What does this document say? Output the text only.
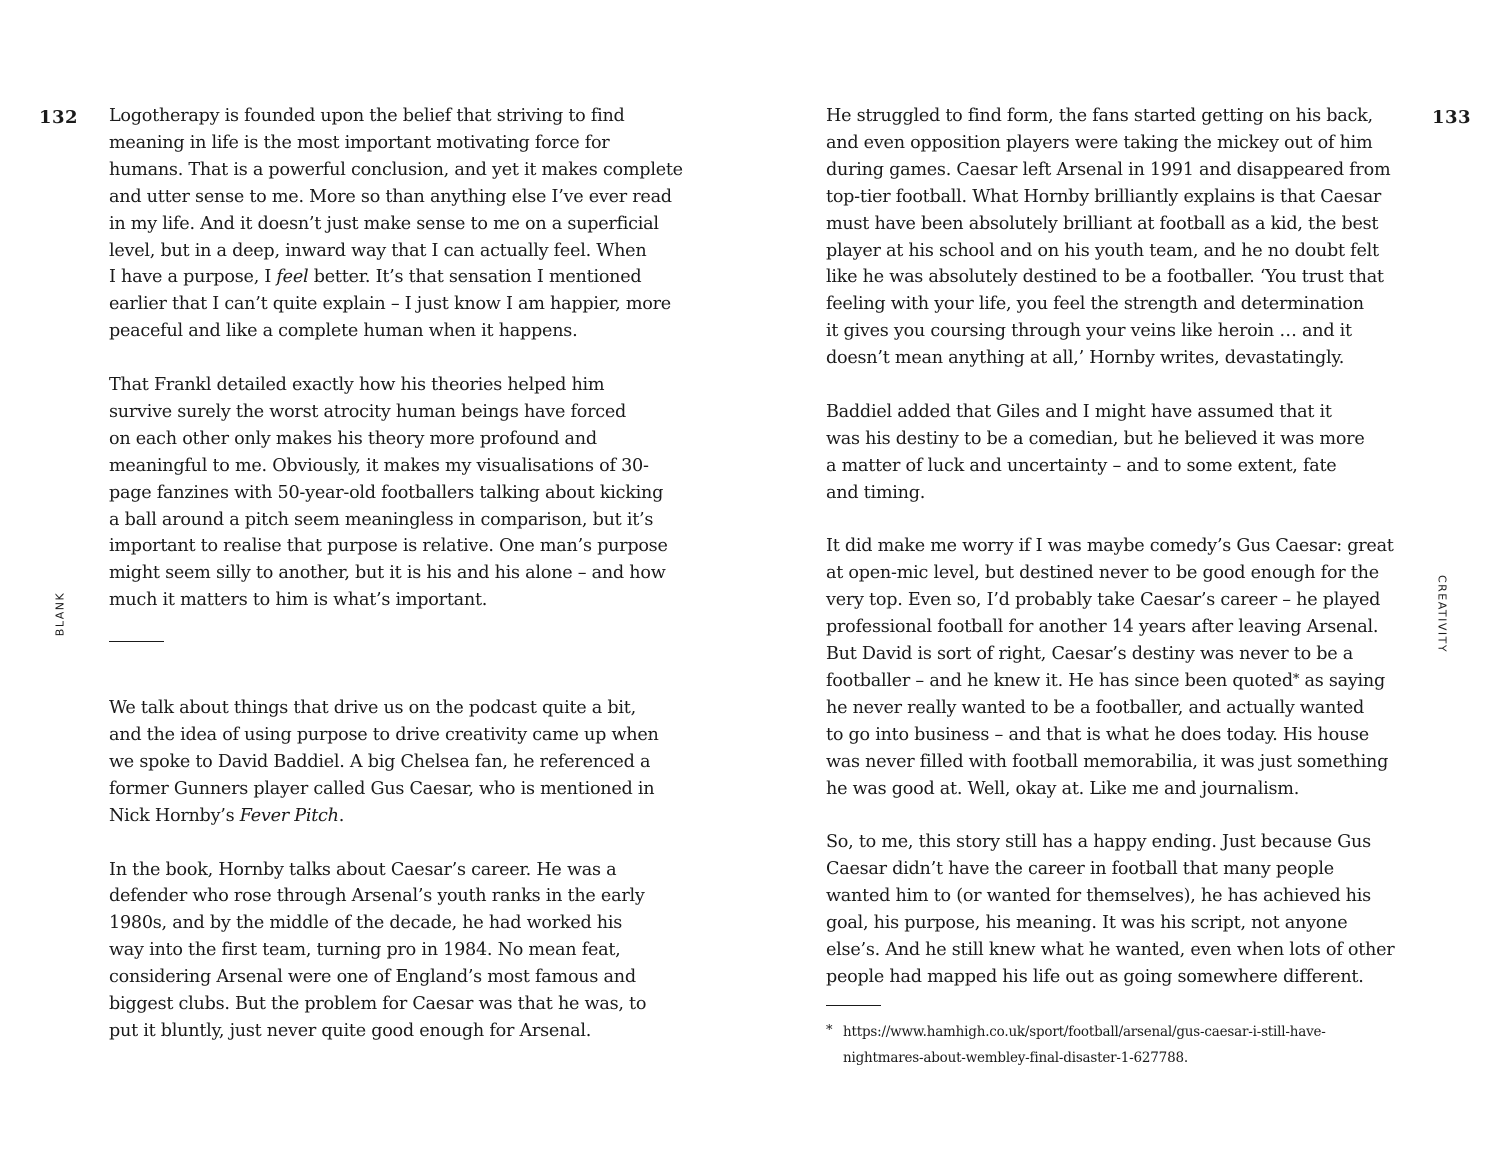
132
BLANK

Logotherapy is founded upon the belief that striving to find
meaning in life is the most important motivating force for
humans. That is a powerful conclusion, and yet it makes complete
and utter sense to me. More so than anything else I’ve ever read
in my life. And it doesn’t just make sense to me on a superficial
level, but in a deep, inward way that I can actually feel. When
I have a purpose, I feel better. It’s that sensation I mentioned
earlier that I can’t quite explain – I just know I am happier, more
peaceful and like a complete human when it happens.

That Frankl detailed exactly how his theories helped him
survive surely the worst atrocity human beings have forced
on each other only makes his theory more profound and
meaningful to me. Obviously, it makes my visualisations of 30-
page fanzines with 50-year-old footballers talking about kicking
a ball around a pitch seem meaningless in comparison, but it’s
important to realise that purpose is relative. One man’s purpose
might seem silly to another, but it is his and his alone – and how
much it matters to him is what’s important.

We talk about things that drive us on the podcast quite a bit,
and the idea of using purpose to drive creativity came up when
we spoke to David Baddiel. A big Chelsea fan, he referenced a
former Gunners player called Gus Caesar, who is mentioned in
Nick Hornby’s Fever Pitch.

In the book, Hornby talks about Caesar’s career. He was a
defender who rose through Arsenal’s youth ranks in the early
1980s, and by the middle of the decade, he had worked his
way into the first team, turning pro in 1984. No mean feat,
considering Arsenal were one of England’s most famous and
biggest clubs. But the problem for Caesar was that he was, to
put it bluntly, just never quite good enough for Arsenal.

133
CREATIVITY

He struggled to find form, the fans started getting on his back,
and even opposition players were taking the mickey out of him
during games. Caesar left Arsenal in 1991 and disappeared from
top-tier football. What Hornby brilliantly explains is that Caesar
must have been absolutely brilliant at football as a kid, the best
player at his school and on his youth team, and he no doubt felt
like he was absolutely destined to be a footballer. ‘You trust that
feeling with your life, you feel the strength and determination
it gives you coursing through your veins like heroin … and it
doesn’t mean anything at all,’ Hornby writes, devastatingly.

Baddiel added that Giles and I might have assumed that it
was his destiny to be a comedian, but he believed it was more
a matter of luck and uncertainty – and to some extent, fate
and timing.

It did make me worry if I was maybe comedy’s Gus Caesar: great
at open-mic level, but destined never to be good enough for the
very top. Even so, I’d probably take Caesar’s career – he played
professional football for another 14 years after leaving Arsenal.
But David is sort of right, Caesar’s destiny was never to be a
footballer – and he knew it. He has since been quoted* as saying
he never really wanted to be a footballer, and actually wanted
to go into business – and that is what he does today. His house
was never filled with football memorabilia, it was just something
he was good at. Well, okay at. Like me and journalism.

So, to me, this story still has a happy ending. Just because Gus
Caesar didn’t have the career in football that many people
wanted him to (or wanted for themselves), he has achieved his
goal, his purpose, his meaning. It was his script, not anyone
else’s. And he still knew what he wanted, even when lots of other
people had mapped his life out as going somewhere different.

* https://www.hamhigh.co.uk/sport/football/arsenal/gus-caesar-i-still-have-
nightmares-about-wembley-final-disaster-1-627788.
